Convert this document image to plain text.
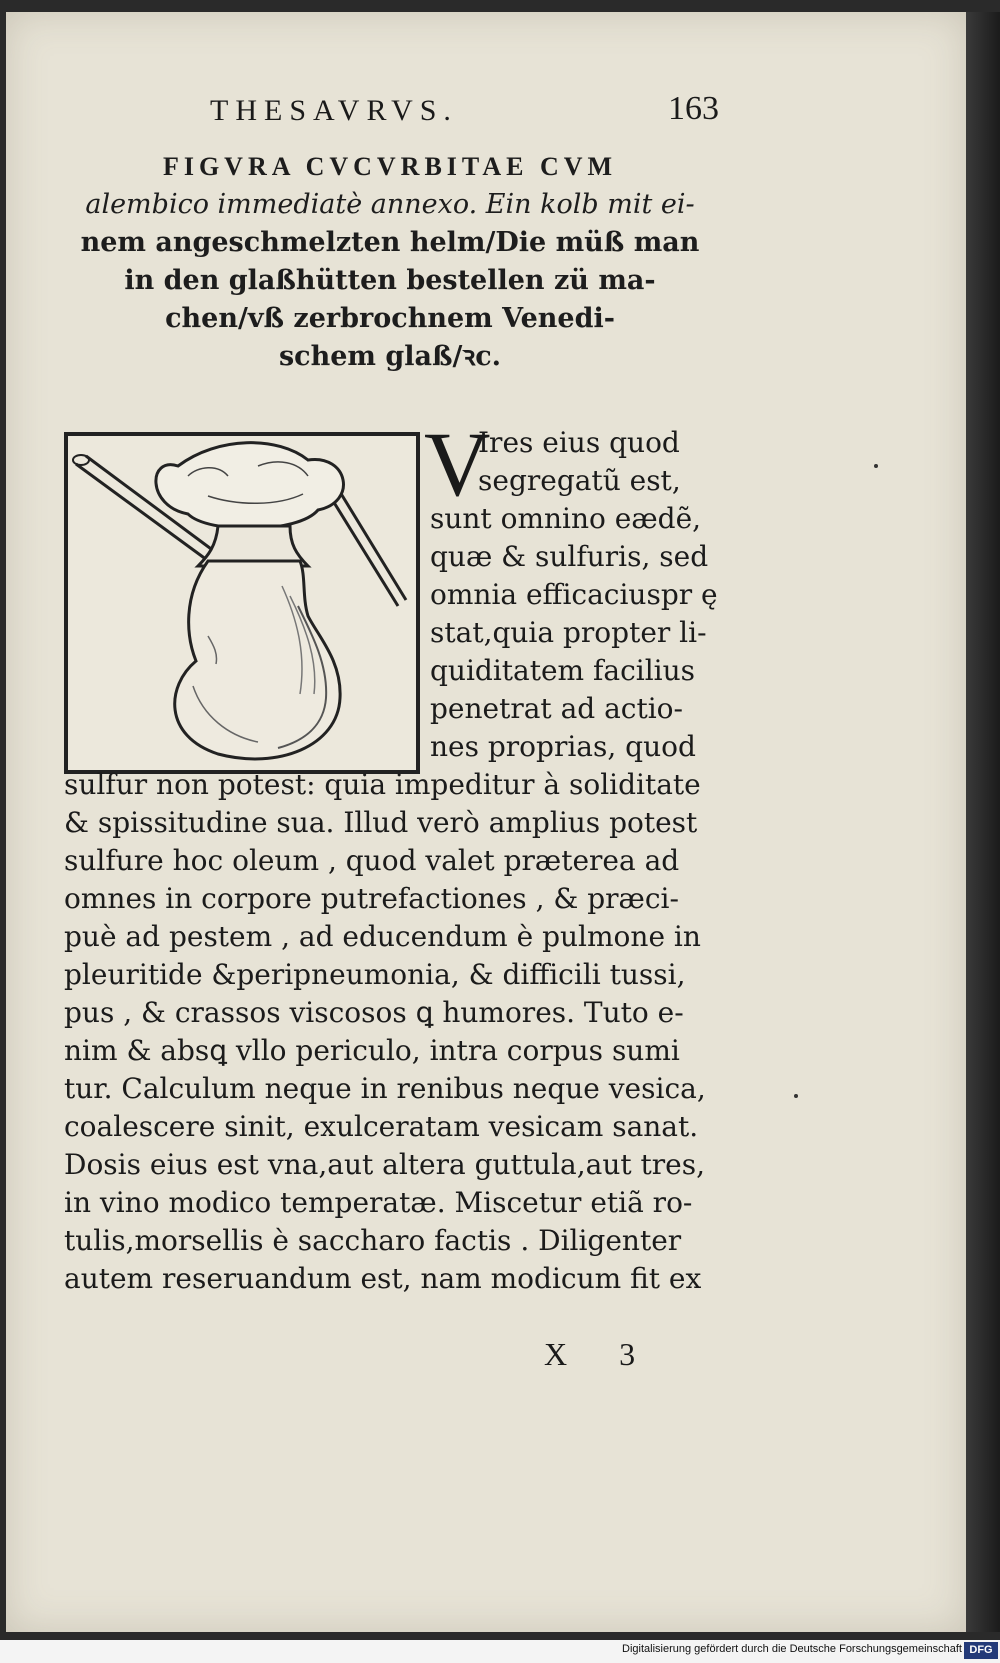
THESAVRVS.	163
FIGVRA CVCVRBITAE CVM
alembico immediatè annexo. Ein kolb mit ei-
nem angeschmelzten helm/Die müß man
in den glaßhütten bestellen zü ma-
chen/vß zerbrochnem Venedi-
schem glaß/ꝛc.
V
Ires eius quod
segregatũ est,
sunt omnino eædẽ,
quæ & sulfuris, sed
omnia efficaciuspr ę
stat,quia propter li-
quiditatem facilius
penetrat ad actio-
nes proprias, quod
sulfur non potest: quia impeditur à soliditate
& spissitudine sua. Illud verò amplius potest
sulfure hoc oleum , quod valet præterea ad
omnes in corpore putrefactiones , & præci-
puè ad pestem , ad educendum è pulmone in
pleuritide &peripneumonia, & difficili tussi,
pus , & crassos viscosos ꝗ humores. Tuto e-
nim & absꝗ vllo periculo, intra corpus sumi
tur. Calculum neque in renibus neque vesica,
coalescere sinit, exulceratam vesicam sanat.
Dosis eius est vna,aut altera guttula,aut tres,
in vino modico temperatæ. Miscetur etiã ro-
tulis,morsellis è saccharo factis . Diligenter
autem reseruandum est, nam modicum fit ex
X 3
Digitalisierung gefördert durch die Deutsche Forschungsgemeinschaft DFG
